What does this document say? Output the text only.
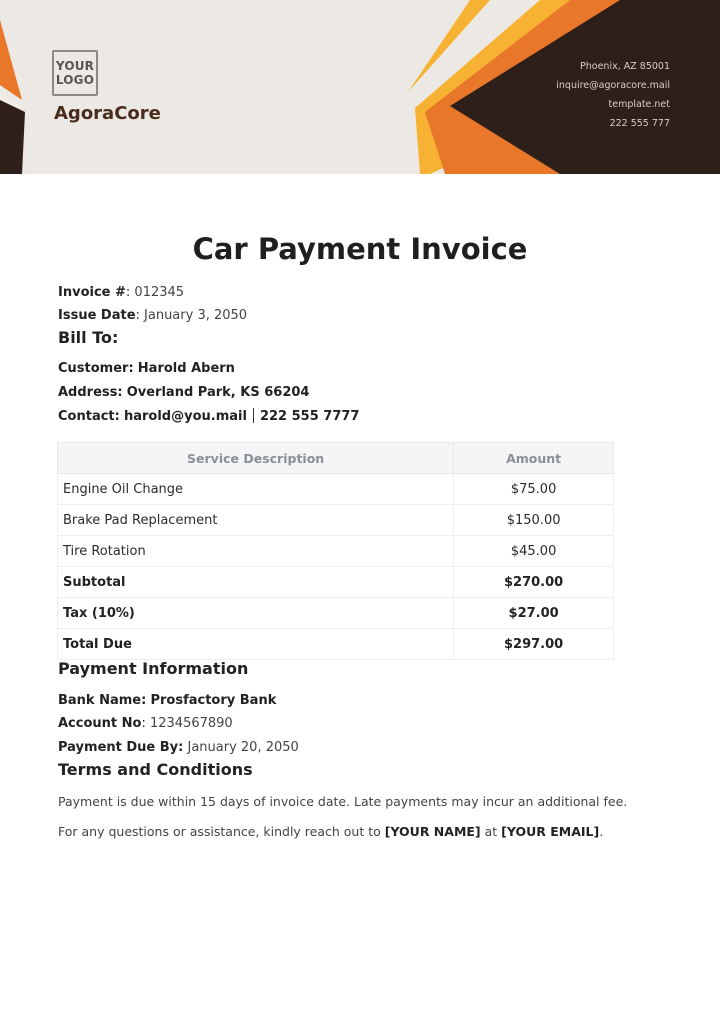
YOUR
LOGO
AgoraCore
Phoenix, AZ 85001
inquire@agoracore.mail
template.net
222 555 777
Car Payment Invoice
Invoice #: 012345
Issue Date: January 3, 2050
Bill To:
Customer: Harold Abern
Address: Overland Park, KS 66204
Contact: harold@you.mail 222 555 7777
Service Description	Amount
Engine Oil Change	$75.00
Brake Pad Replacement	$150.00
Tire Rotation	$45.00
Subtotal	$270.00
Tax (10%)	$27.00
Total Due	$297.00
Payment Information
Bank Name: Prosfactory Bank
Account No: 1234567890
Payment Due By: January 20, 2050
Terms and Conditions
Payment is due within 15 days of invoice date. Late payments may incur an additional fee.
For any questions or assistance, kindly reach out to [YOUR NAME] at [YOUR EMAIL].
